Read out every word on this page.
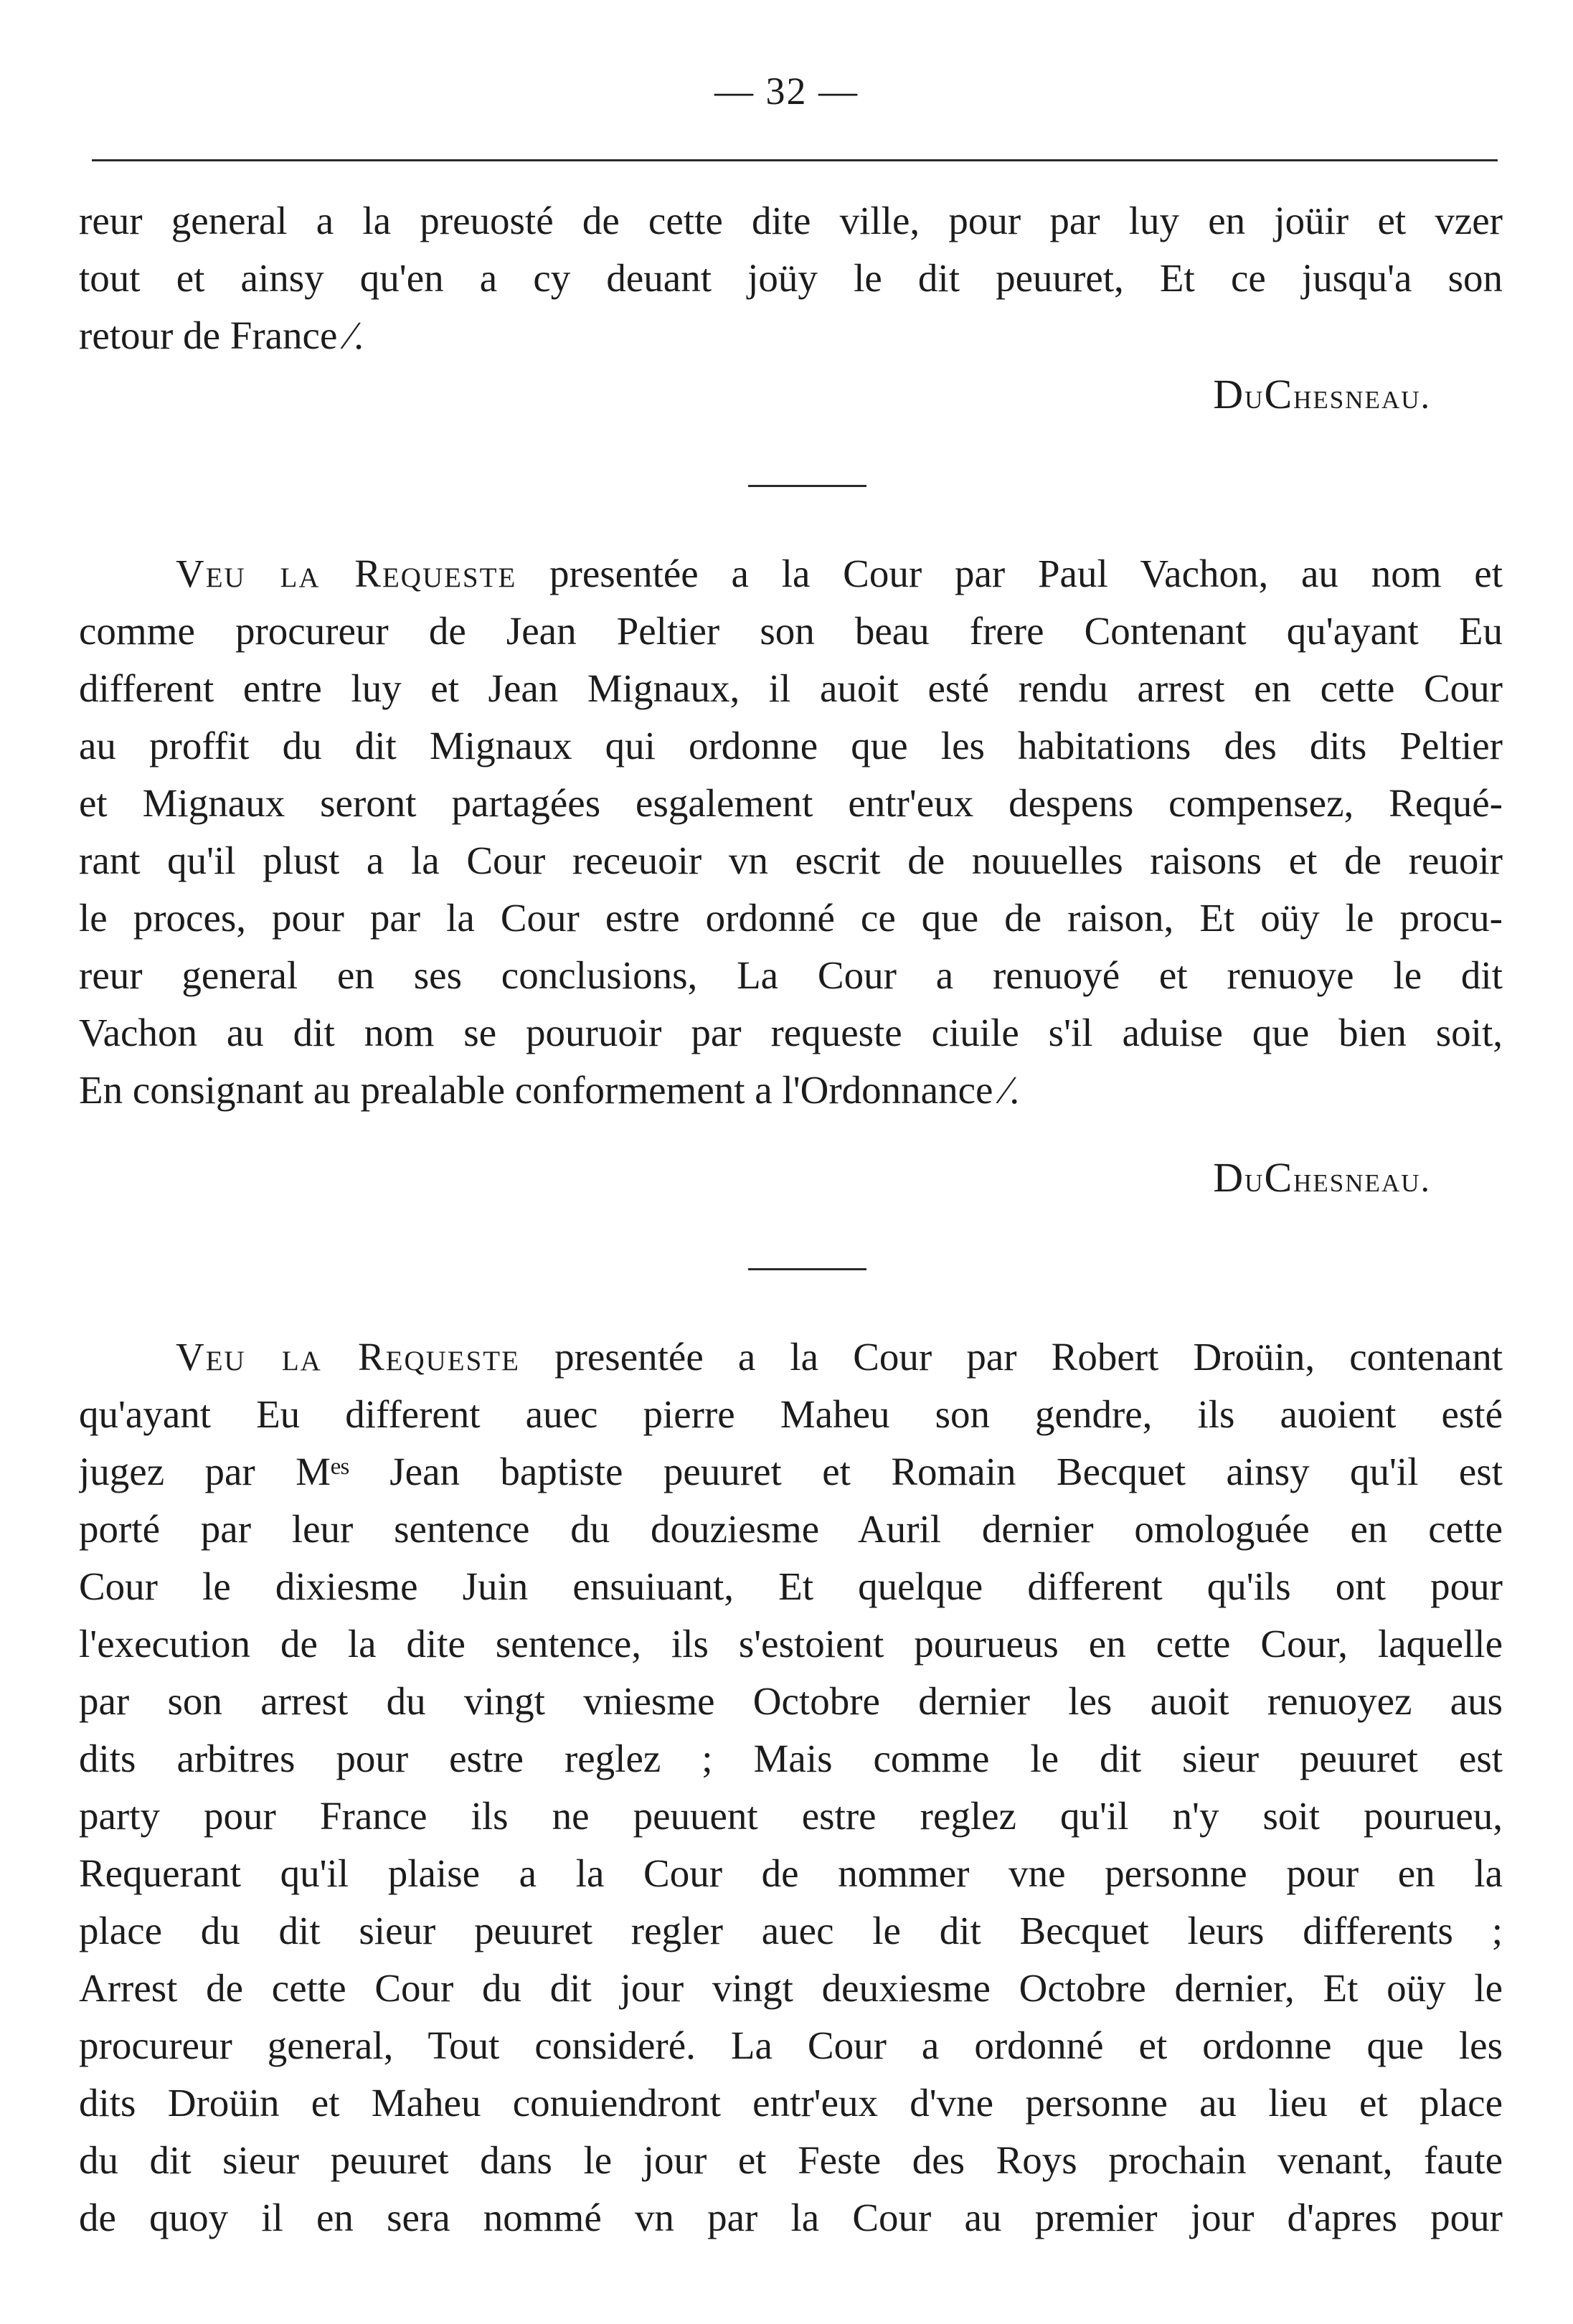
— 32 —
reur general a la preuosté de cette dite ville, pour par luy en joüir et vzer
tout et ainsy qu'en a cy deuant joüy le dit peuuret, Et ce jusqu'a son
retour de France ⁄.
DuChesneau.
Veu la Requeste presentée a la Cour par Paul Vachon, au nom et
comme procureur de Jean Peltier son beau frere Contenant qu'ayant Eu
different entre luy et Jean Mignaux, il auoit esté rendu arrest en cette Cour
au proffit du dit Mignaux qui ordonne que les habitations des dits Peltier
et Mignaux seront partagées esgalement entr'eux despens compensez, Requé-
rant qu'il plust a la Cour receuoir vn escrit de nouuelles raisons et de reuoir
le proces, pour par la Cour estre ordonné ce que de raison, Et oüy le procu-
reur general en ses conclusions, La Cour a renuoyé et renuoye le dit
Vachon au dit nom se pouruoir par requeste ciuile s'il aduise que bien soit,
En consignant au prealable conformement a l'Ordonnance ⁄.
DuChesneau.
Veu la Requeste presentée a la Cour par Robert Droüin, contenant
qu'ayant Eu different auec pierre Maheu son gendre, ils auoient esté
jugez par Mᵉˢ Jean baptiste peuuret et Romain Becquet ainsy qu'il est
porté par leur sentence du douziesme Auril dernier omologuée en cette
Cour le dixiesme Juin ensuiuant, Et quelque different qu'ils ont pour
l'execution de la dite sentence, ils s'estoient pourueus en cette Cour, laquelle
par son arrest du vingt vniesme Octobre dernier les auoit renuoyez aus
dits arbitres pour estre reglez ; Mais comme le dit sieur peuuret est
party pour France ils ne peuuent estre reglez qu'il n'y soit pourueu,
Requerant qu'il plaise a la Cour de nommer vne personne pour en la
place du dit sieur peuuret regler auec le dit Becquet leurs differents ;
Arrest de cette Cour du dit jour vingt deuxiesme Octobre dernier, Et oüy le
procureur general, Tout consideré. La Cour a ordonné et ordonne que les
dits Droüin et Maheu conuiendront entr'eux d'vne personne au lieu et place
du dit sieur peuuret dans le jour et Feste des Roys prochain venant, faute
de quoy il en sera nommé vn par la Cour au premier jour d'apres pour
